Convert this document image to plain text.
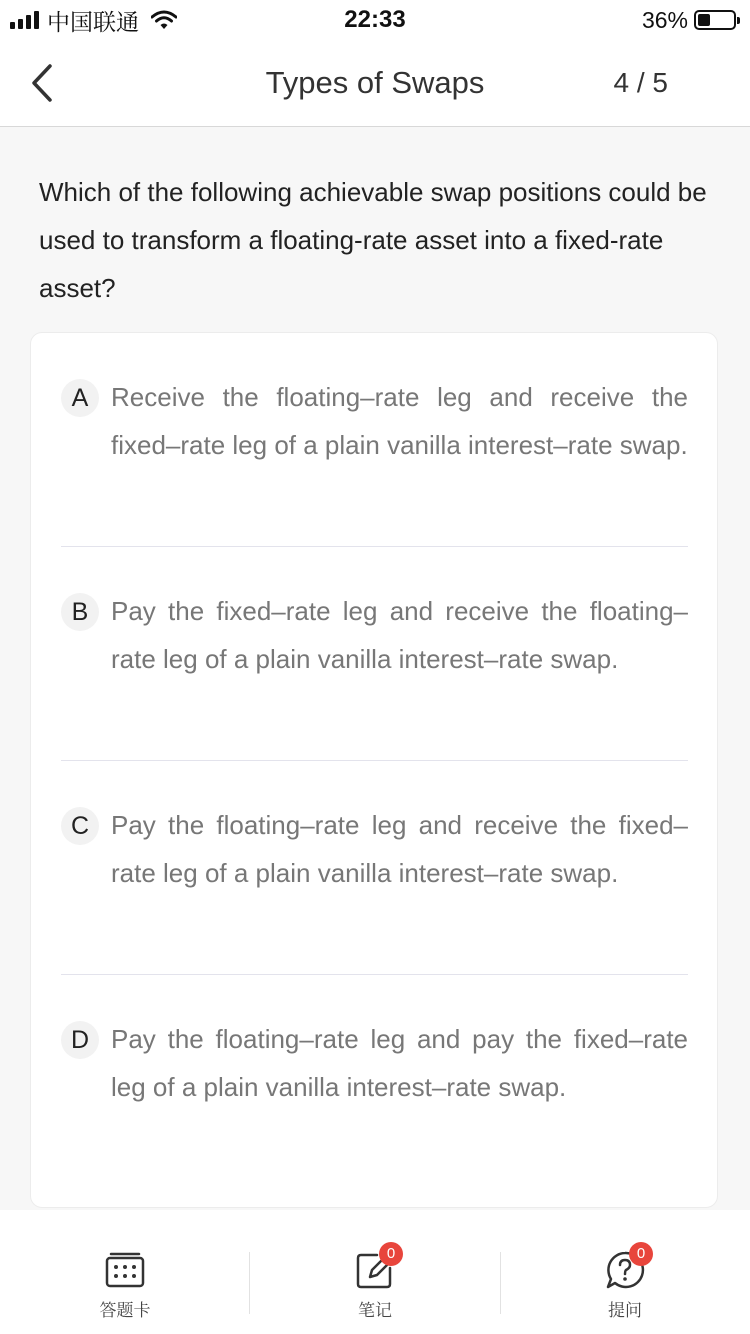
中国联通	22:33	36%
Types of Swaps	4 / 5
Which of the following achievable swap positions could be used to transform a floating-rate asset into a fixed-rate asset?
A Receive the floating–rate leg and receive the fixed–rate leg of a plain vanilla interest–rate swap.
B Pay the fixed–rate leg and receive the floating–rate leg of a plain vanilla interest–rate swap.
C Pay the floating–rate leg and receive the fixed–rate leg of a plain vanilla interest–rate swap.
D Pay the floating–rate leg and pay the fixed–rate leg of a plain vanilla interest–rate swap.
答题卡
0
笔记
0
提问
